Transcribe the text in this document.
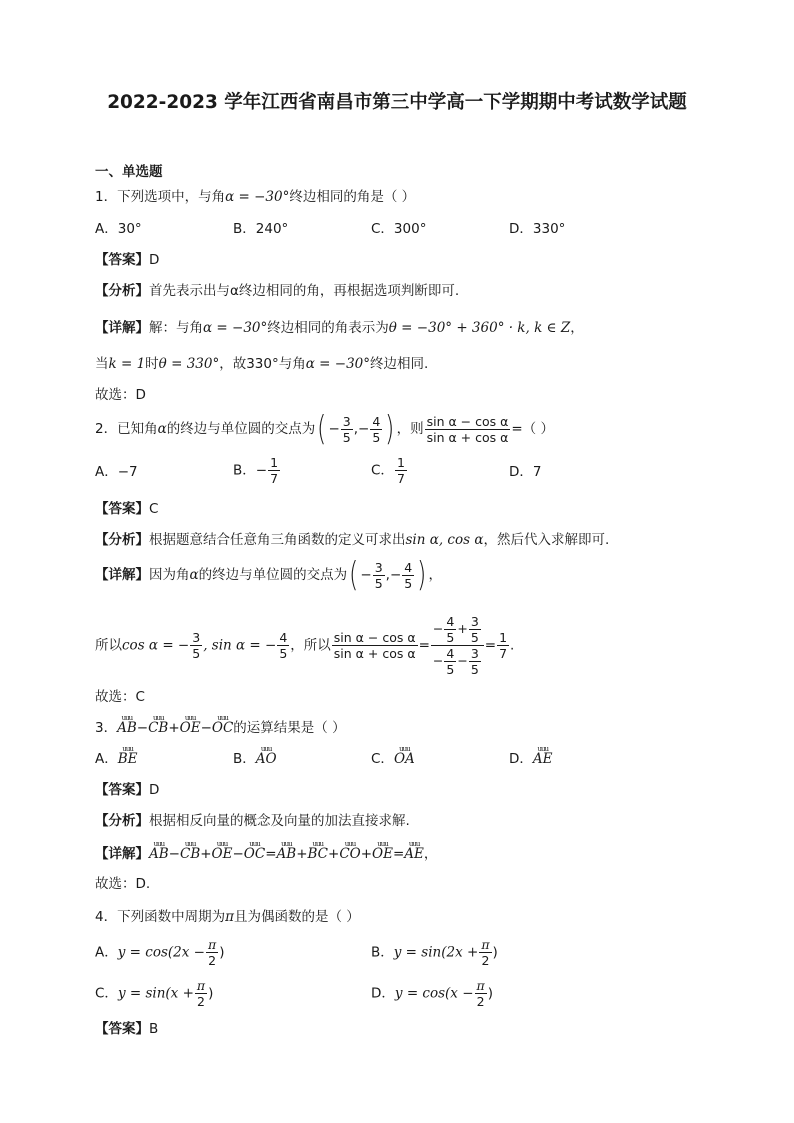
2022-2023 学年江西省南昌市第三中学高一下学期期中考试数学试题
一、单选题
1．下列选项中，与角α = −30°终边相同的角是（ ）
A．30°	B．240°	C．300°	D．330°
【答案】D
【分析】首先表示出与α终边相同的角，再根据选项判断即可.
【详解】解：与角α = −30°终边相同的角表示为θ = −30° + 360° · k, k ∈ Z，
当k = 1时θ = 330°，故330°与角α = −30°终边相同.
故选：D
2．已知角α的终边与单位圆的交点为( − $\frac{3}{5}$ ,− $\frac{4}{5}$ ) ，则 $\frac{\text{sin α − cos α}}{\text{sin α + cos α}}$ =（ ）
A．−7	B．− $\frac{1}{7}$	C． $\frac{1}{7}$	D．7
【答案】C
【分析】根据题意结合任意角三角函数的定义可求出sin α, cos α，然后代入求解即可.
【详解】因为角α的终边与单位圆的交点为( − $\frac{3}{5}$ ,− $\frac{4}{5}$ ) ，
所以cos α = − $\frac{3}{5}$ , sin α = − $\frac{4}{5}$ ，所以 $\frac{\text{sin α − cos α}}{\text{sin α + cos α}} = \frac{- \frac{4}{5} + \frac{3}{5}}{- \frac{4}{5} - \frac{3}{5}} = \frac{1}{7}$ .
故选：C
3．uuu AB−uuu CB+uuu OE−uuu OC的运算结果是（ ）
A．uuu BE	B．uuu AO	C．uuu OA	D．uuu AE
【答案】D
【分析】根据相反向量的概念及向量的加法直接求解.
【详解】uuu AB−uuu CB+uuu OE−uuu OC=uuu AB+uuu BC+uuu CO+uuu OE=uuu AE，
故选：D.
4．下列函数中周期为π且为偶函数的是（ ）
A．$y = \cos(2x - \frac{\pi}{2}$ )	B．$y = \sin(2x + \frac{\pi}{2}$ )
C．$y = \sin(x + \frac{\pi}{2}$ )	D．$y = \cos(x - \frac{\pi}{2}$ )
【答案】B
